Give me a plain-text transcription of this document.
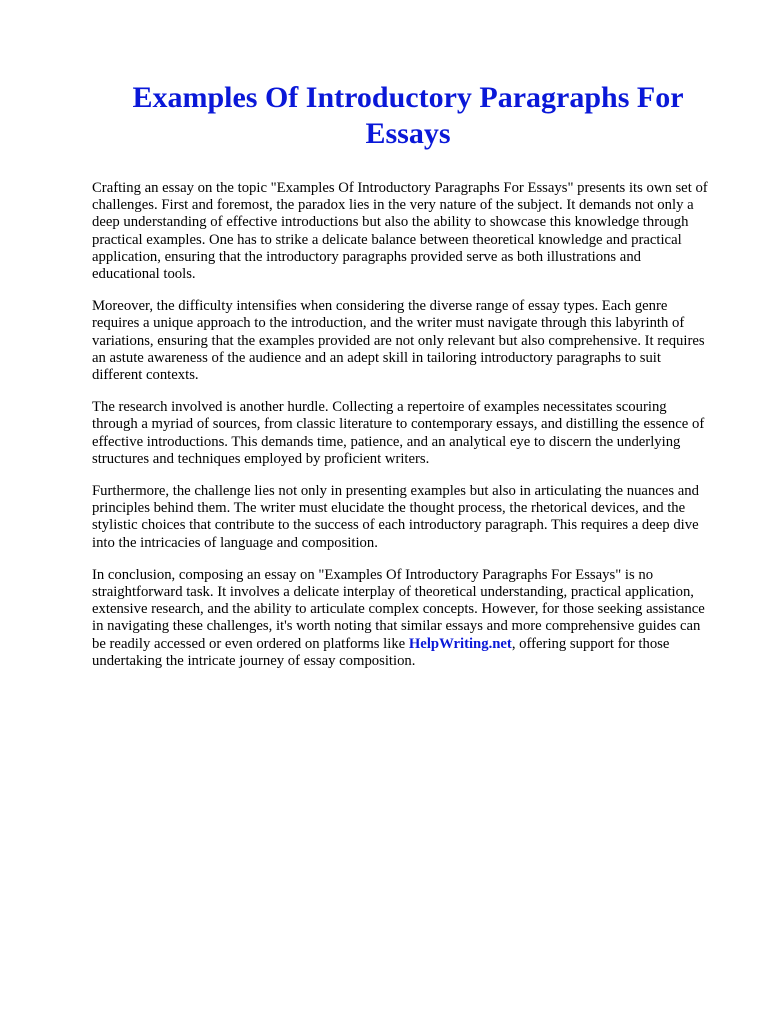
Examples Of Introductory Paragraphs For Essays

Crafting an essay on the topic "Examples Of Introductory Paragraphs For Essays" presents its own set of challenges. First and foremost, the paradox lies in the very nature of the subject. It demands not only a deep understanding of effective introductions but also the ability to showcase this knowledge through practical examples. One has to strike a delicate balance between theoretical knowledge and practical application, ensuring that the introductory paragraphs provided serve as both illustrations and educational tools.

Moreover, the difficulty intensifies when considering the diverse range of essay types. Each genre requires a unique approach to the introduction, and the writer must navigate through this labyrinth of variations, ensuring that the examples provided are not only relevant but also comprehensive. It requires an astute awareness of the audience and an adept skill in tailoring introductory paragraphs to suit different contexts.

The research involved is another hurdle. Collecting a repertoire of examples necessitates scouring through a myriad of sources, from classic literature to contemporary essays, and distilling the essence of effective introductions. This demands time, patience, and an analytical eye to discern the underlying structures and techniques employed by proficient writers.

Furthermore, the challenge lies not only in presenting examples but also in articulating the nuances and principles behind them. The writer must elucidate the thought process, the rhetorical devices, and the stylistic choices that contribute to the success of each introductory paragraph. This requires a deep dive into the intricacies of language and composition.

In conclusion, composing an essay on "Examples Of Introductory Paragraphs For Essays" is no straightforward task. It involves a delicate interplay of theoretical understanding, practical application, extensive research, and the ability to articulate complex concepts. However, for those seeking assistance in navigating these challenges, it's worth noting that similar essays and more comprehensive guides can be readily accessed or even ordered on platforms like HelpWriting.net, offering support for those undertaking the intricate journey of essay composition.
